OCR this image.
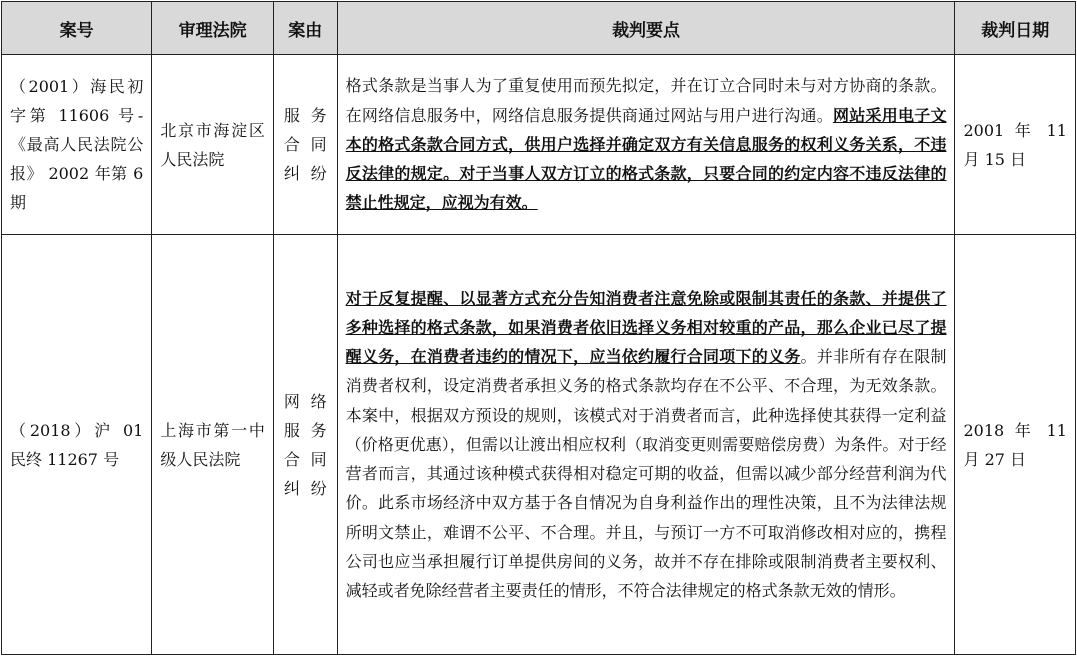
案号	审理法院	案由	裁判要点	裁判日期

（2001）海民初字第 11606 号-《最高人民法院公报》 2002 年第 6 期	北京市海淀区人民法院	服务合同纠纷	格式条款是当事人为了重复使用而预先拟定，并在订立合同时未与对方协商的条款。在网络信息服务中，网络信息服务提供商通过网站与用户进行沟通。网站采用电子文本的格式条款合同方式，供用户选择并确定双方有关信息服务的权利义务关系，不违反法律的规定。对于当事人双方订立的格式条款，只要合同的约定内容不违反法律的禁止性规定，应视为有效。	2001 年 11 月 15 日

（2018）沪 01 民终 11267 号	上海市第一中级人民法院	网络服务合同纠纷	对于反复提醒、以显著方式充分告知消费者注意免除或限制其责任的条款、并提供了多种选择的格式条款，如果消费者依旧选择义务相对较重的产品，那么企业已尽了提醒义务，在消费者违约的情况下，应当依约履行合同项下的义务。并非所有存在限制消费者权利，设定消费者承担义务的格式条款均存在不公平、不合理，为无效条款。本案中，根据双方预设的规则，该模式对于消费者而言，此种选择使其获得一定利益（价格更优惠），但需以让渡出相应权利（取消变更则需要赔偿房费）为条件。对于经营者而言，其通过该种模式获得相对稳定可期的收益，但需以减少部分经营利润为代价。此系市场经济中双方基于各自情况为自身利益作出的理性决策，且不为法律法规所明文禁止，难谓不公平、不合理。并且，与预订一方不可取消修改相对应的，携程公司也应当承担履行订单提供房间的义务，故并不存在排除或限制消费者主要权利、减轻或者免除经营者主要责任的情形，不符合法律规定的格式条款无效的情形。	2018 年 11 月 27 日
